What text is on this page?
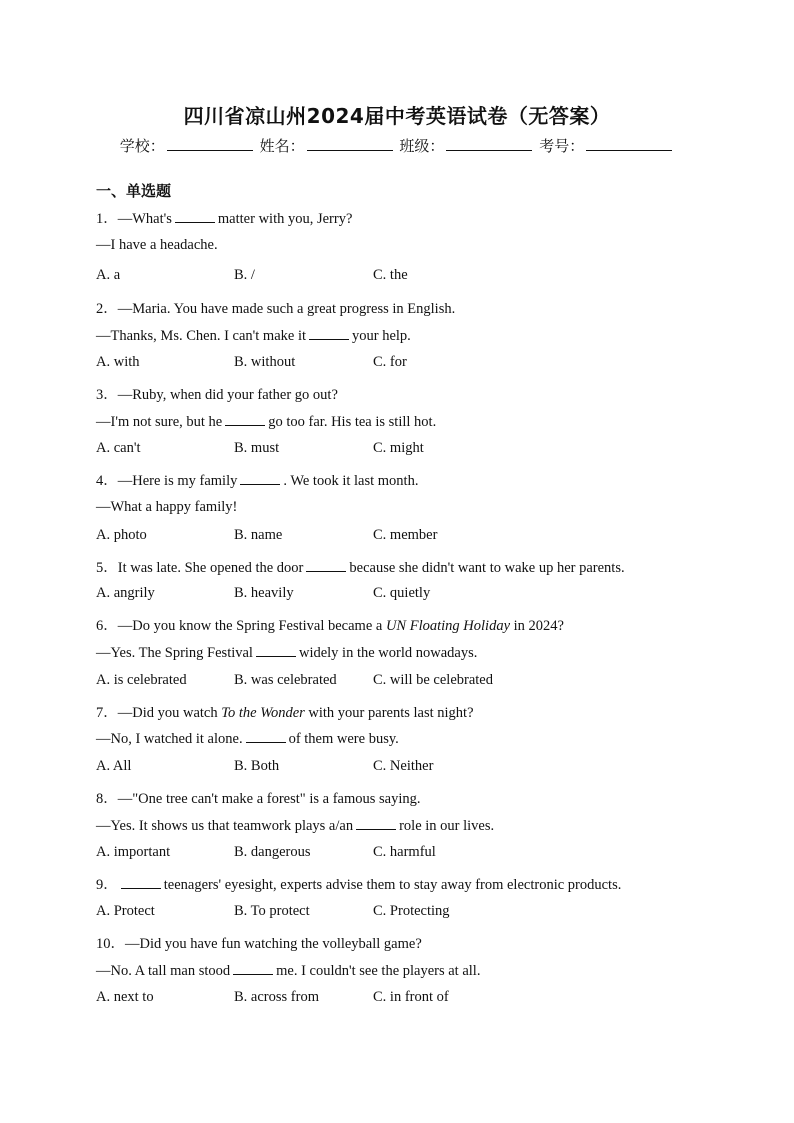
四川省凉山州2024届中考英语试卷（无答案）
学校：	姓名：	班级：	考号：
一、单选题
1．—What's	matter with you, Jerry?
—I have a headache.
A. a	B. /	C. the
2．—Maria. You have made such a great progress in English.
—Thanks, Ms. Chen. I can't make it	your help.
A. with	B. without	C. for
3．—Ruby, when did your father go out?
—I'm not sure, but he	go too far. His tea is still hot.
A. can't	B. must	C. might
4．—Here is my family	. We took it last month.
—What a happy family!
A. photo	B. name	C. member
5．It was late. She opened the door	because she didn't want to wake up her parents.
A. angrily	B. heavily	C. quietly
6．—Do you know the Spring Festival became a UN Floating Holiday in 2024?
—Yes. The Spring Festival	widely in the world nowadays.
A. is celebrated	B. was celebrated	C. will be celebrated
7．—Did you watch To the Wonder with your parents last night?
—No, I watched it alone.	of them were busy.
A. All	B. Both	C. Neither
8．—"One tree can't make a forest" is a famous saying.
—Yes. It shows us that teamwork plays a/an	role in our lives.
A. important	B. dangerous	C. harmful
9．	teenagers' eyesight, experts advise them to stay away from electronic products.
A. Protect	B. To protect	C. Protecting
10．—Did you have fun watching the volleyball game?
—No. A tall man stood	me. I couldn't see the players at all.
A. next to	B. across from	C. in front of
